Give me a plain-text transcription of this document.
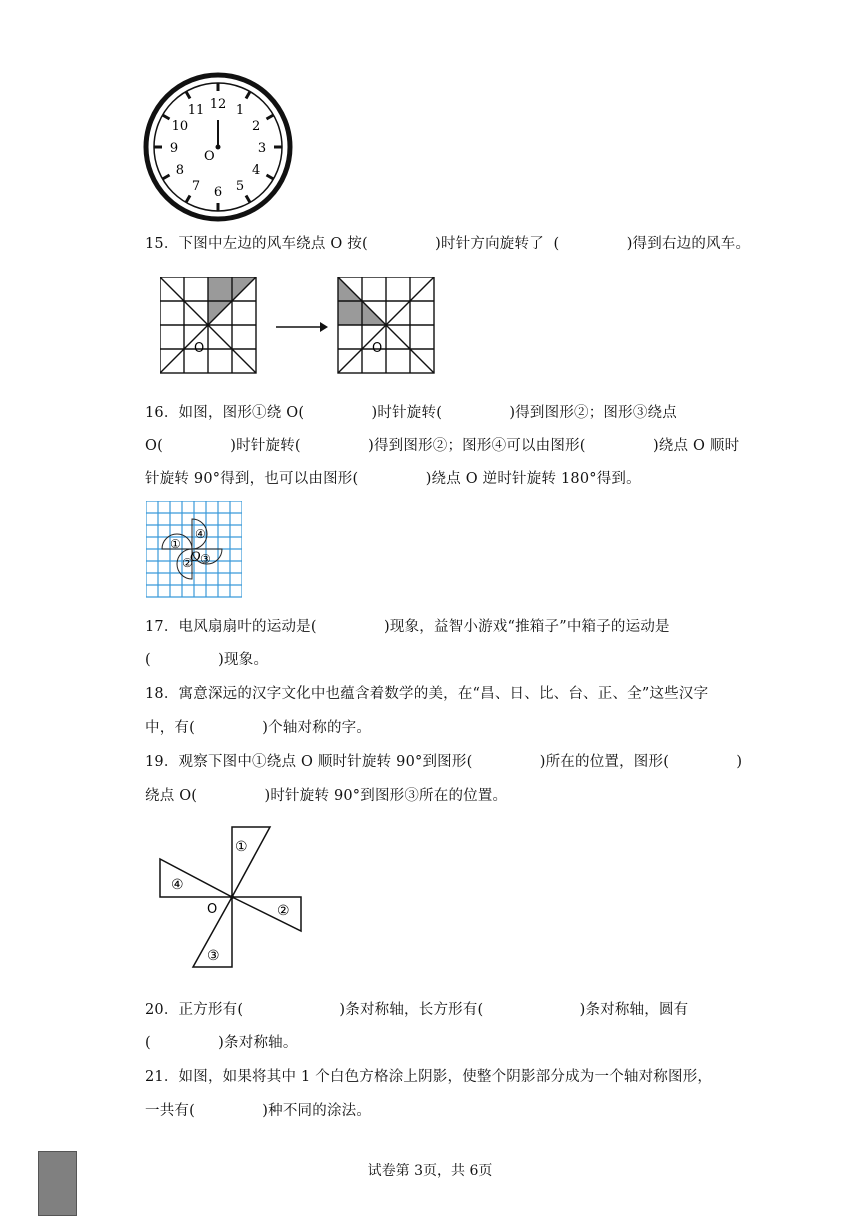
12 1
2
3
4
5
6
7
8
9
10
11
O
15．下图中左边的风车绕点 O 按(              )时针方向旋转了  (              )得到右边的风车。
O	O
16．如图，图形①绕 O(              )时针旋转(              )得到图形②；图形③绕点
O(              )时针旋转(              )得到图形②；图形④可以由图形(              )绕点 O 顺时
针旋转 90°得到，也可以由图形(              )绕点 O 逆时针旋转 180°得到。
①
② ③
④
O
17．电风扇扇叶的运动是(              )现象，益智小游戏“推箱子”中箱子的运动是
(              )现象。
18．寓意深远的汉字文化中也蕴含着数学的美，在“昌、日、比、台、正、全”这些汉字
中，有(              )个轴对称的字。
19．观察下图中①绕点 O 顺时针旋转 90°到图形(              )所在的位置，图形(              )
绕点 O(              )时针旋转 90°到图形③所在的位置。
①
②
③
④
O
20．正方形有(                    )条对称轴，长方形有(                    )条对称轴，圆有
(              )条对称轴。
21．如图，如果将其中 1 个白色方格涂上阴影，使整个阴影部分成为一个轴对称图形，
一共有(              )种不同的涂法。
试卷第 3页，共 6页
